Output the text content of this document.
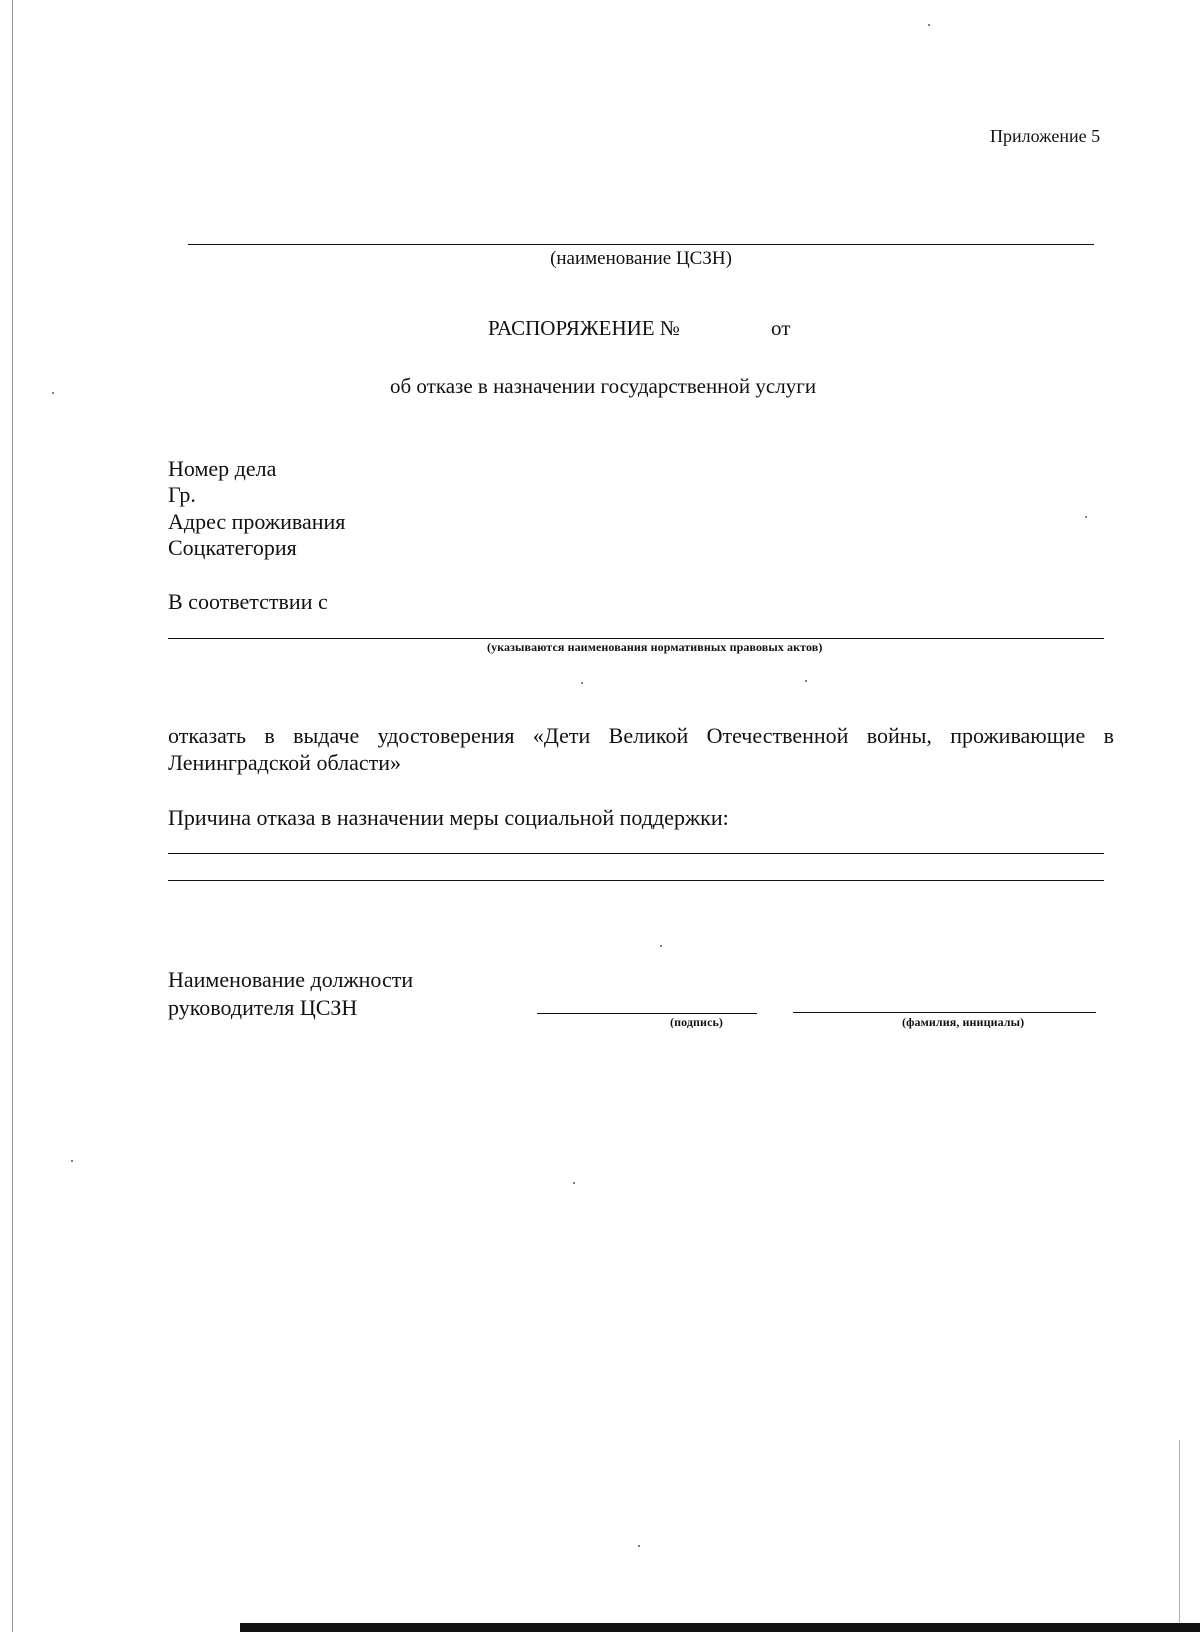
Приложение 5
(наименование ЦСЗН)
РАСПОРЯЖЕНИЕ №	от
об отказе в назначении государственной услуги
Номер дела
Гр.
Адрес проживания
Соцкатегория
В соответствии с
(указываются наименования нормативных правовых актов)
отказать в выдаче удостоверения «Дети Великой Отечественной войны, проживающие в Ленинградской области»
Причина отказа в назначении меры социальной поддержки:
Наименование должности
руководителя ЦСЗН
(подпись)	(фамилия, инициалы)
